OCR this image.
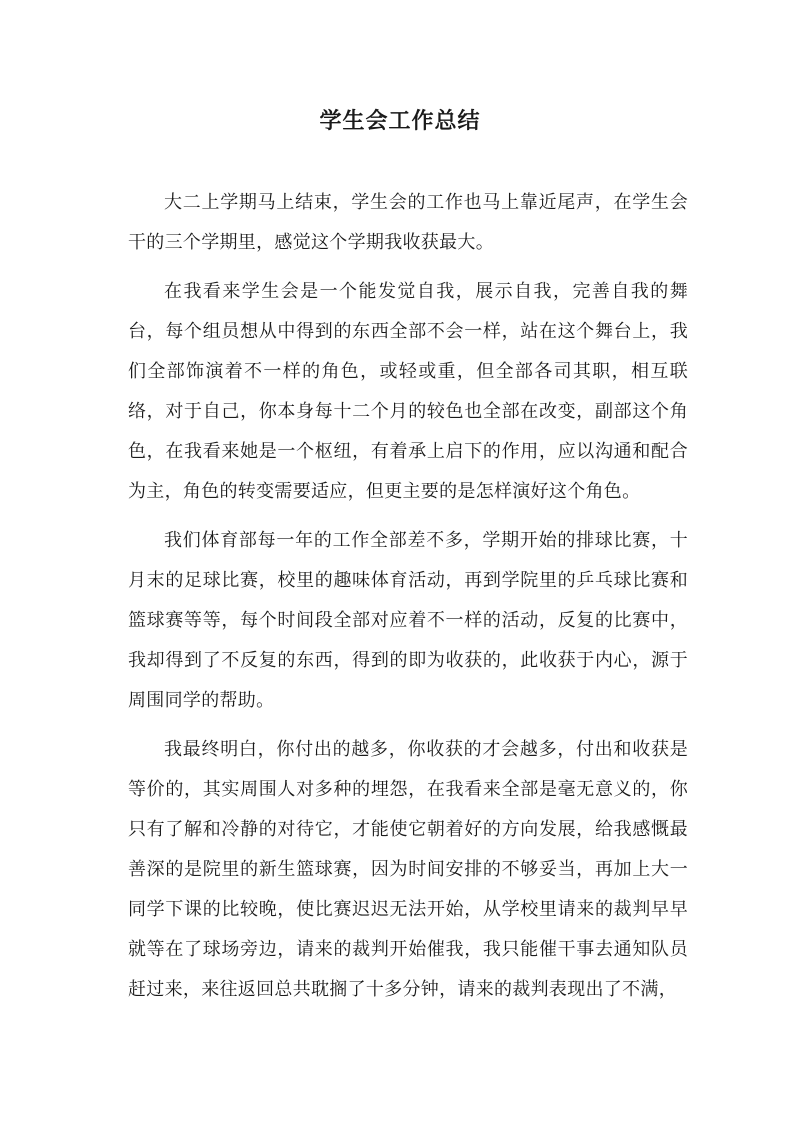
学生会工作总结

大二上学期马上结束，学生会的工作也马上靠近尾声，在学生会干的三个学期里，感觉这个学期我收获最大。

在我看来学生会是一个能发觉自我，展示自我，完善自我的舞台，每个组员想从中得到的东西全部不会一样，站在这个舞台上，我们全部饰演着不一样的角色，或轻或重，但全部各司其职，相互联络，对于自己，你本身每十二个月的较色也全部在改变，副部这个角色，在我看来她是一个枢纽，有着承上启下的作用，应以沟通和配合为主，角色的转变需要适应，但更主要的是怎样演好这个角色。

我们体育部每一年的工作全部差不多，学期开始的排球比赛，十月末的足球比赛，校里的趣味体育活动，再到学院里的乒乓球比赛和篮球赛等等，每个时间段全部对应着不一样的活动，反复的比赛中，我却得到了不反复的东西，得到的即为收获的，此收获于内心，源于周围同学的帮助。

我最终明白，你付出的越多，你收获的才会越多，付出和收获是等价的，其实周围人对多种的埋怨，在我看来全部是毫无意义的，你只有了解和冷静的对待它，才能使它朝着好的方向发展，给我感慨最善深的是院里的新生篮球赛，因为时间安排的不够妥当，再加上大一同学下课的比较晚，使比赛迟迟无法开始，从学校里请来的裁判早早就等在了球场旁边，请来的裁判开始催我，我只能催干事去通知队员赶过来，来往返回总共耽搁了十多分钟，请来的裁判表现出了不满，
